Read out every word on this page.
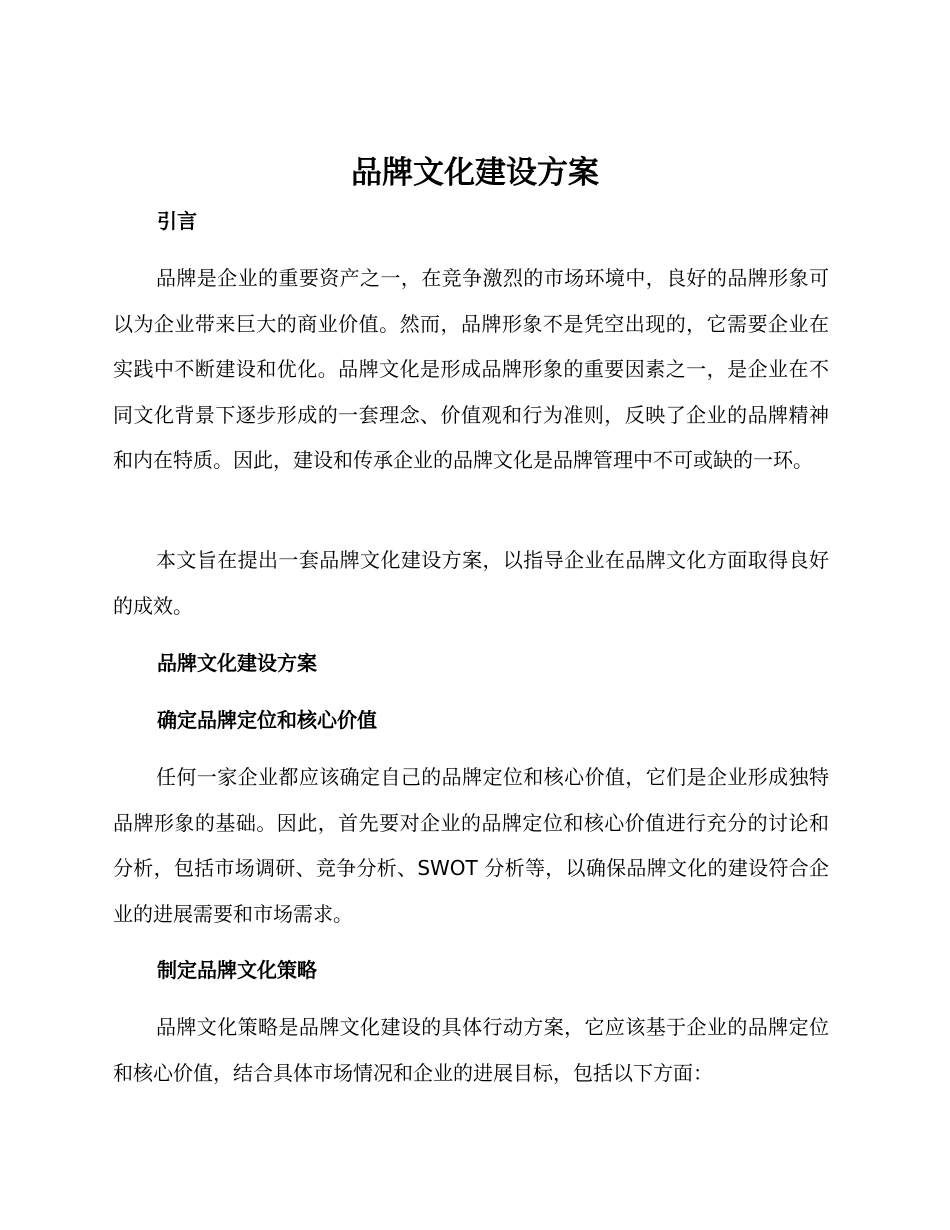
品牌文化建设方案
引言

品牌是企业的重要资产之一，在竞争激烈的市场环境中，良好的品牌形象可以为企业带来巨大的商业价值。然而，品牌形象不是凭空出现的，它需要企业在实践中不断建设和优化。品牌文化是形成品牌形象的重要因素之一，是企业在不同文化背景下逐步形成的一套理念、价值观和行为准则，反映了企业的品牌精神和内在特质。因此，建设和传承企业的品牌文化是品牌管理中不可或缺的一环。

本文旨在提出一套品牌文化建设方案，以指导企业在品牌文化方面取得良好的成效。

品牌文化建设方案
确定品牌定位和核心价值

任何一家企业都应该确定自己的品牌定位和核心价值，它们是企业形成独特品牌形象的基础。因此，首先要对企业的品牌定位和核心价值进行充分的讨论和分析，包括市场调研、竞争分析、SWOT 分析等，以确保品牌文化的建设符合企业的进展需要和市场需求。

制定品牌文化策略

品牌文化策略是品牌文化建设的具体行动方案，它应该基于企业的品牌定位和核心价值，结合具体市场情况和企业的进展目标，包括以下方面：
